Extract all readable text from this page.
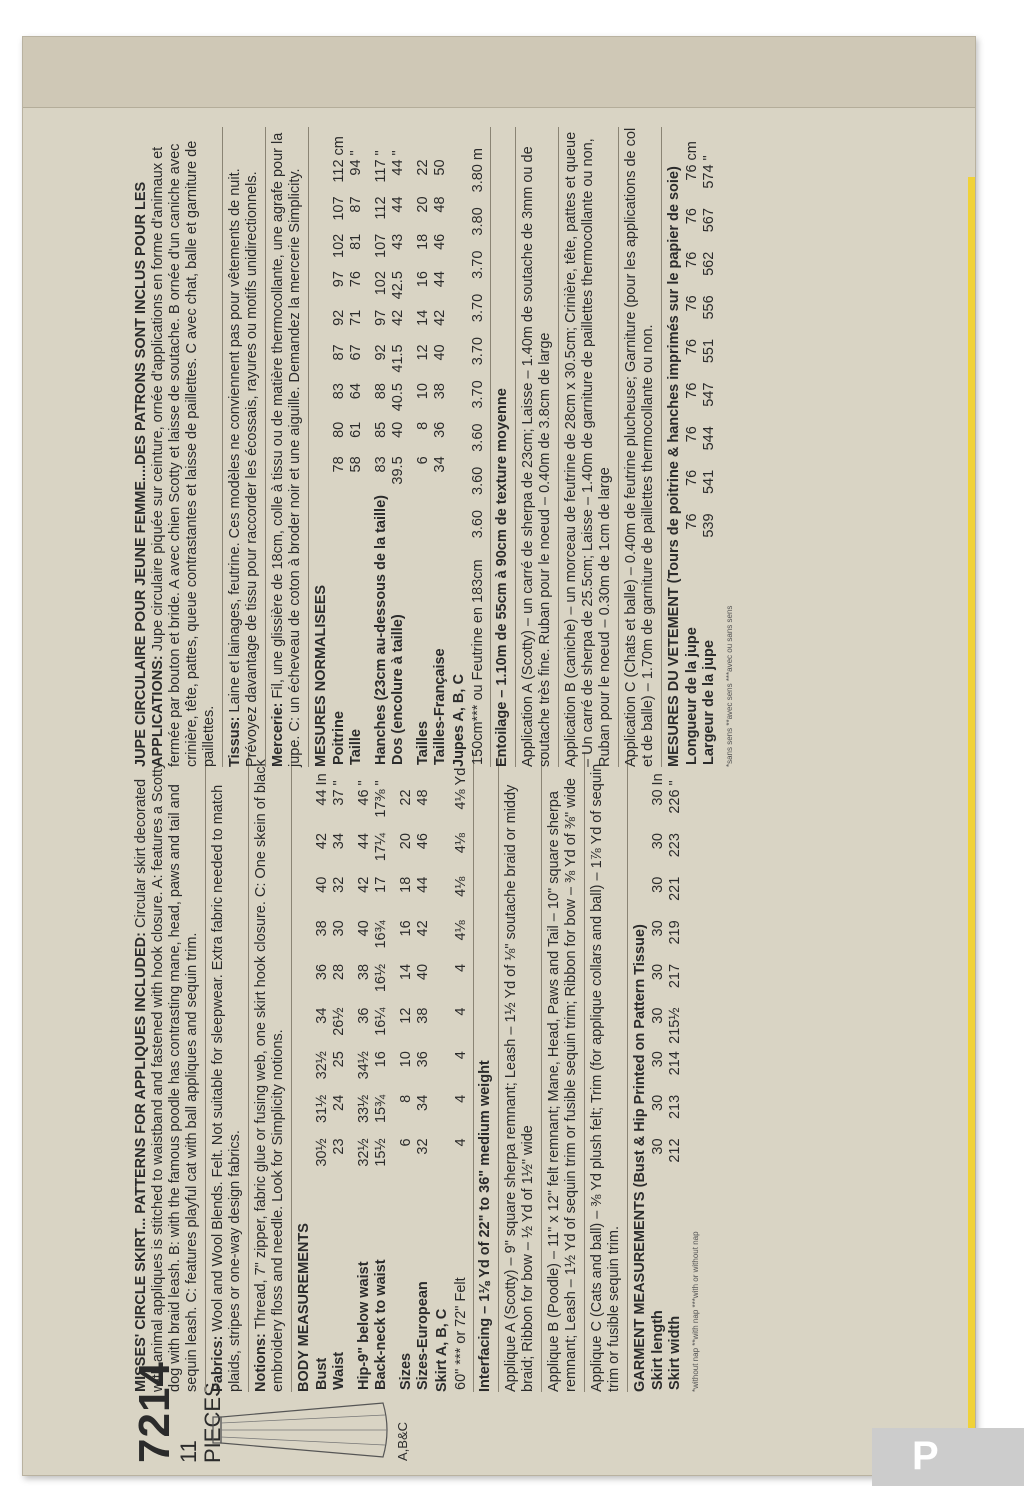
7214
11 PIECES	A,B&C
MISSES' CIRCLE SKIRT... PATTERNS FOR APPLIQUES INCLUDED: Circular skirt decorated with animal appliques is stitched to waistband and fastened with hook closure. A: features a Scotty dog with braid leash. B: with the famous poodle has contrasting mane, head, paws and tail and sequin leash. C: features playful cat with ball appliques and sequin trim. Fabrics: Wool and Wool Blends. Felt. Not suitable for sleepwear. Extra fabric needed to match plaids, stripes or one-way design fabrics. Notions: Thread, 7" zipper, fabric glue or fusing web, one skirt hook closure. C: One skein of black embroidery floss and needle. Look for Simplicity notions. BODY MEASUREMENTS Bust	30½	31½	32½	34	36	38	40	42	44	In
Waist	23	24	25	26½	28	30	32	34	37	"

Hip-9" below waist	32½	33½	34½	36	38	40	42	44	46	"
Back-neck to waist	15½	15¾	16	16¼	16½	16¾	17	17¼	17⅜	"

Sizes	6	8	10	12	14	16	18	20	22	
Sizes-European	32	34	36	38	40	42	44	46	48	
Skirt A, B, C 60" *** or 72" Felt	4	4	4	4	4	4⅛	4⅛	4⅛	4⅛	Yd
Interfacing – 1⅛ Yd of 22" to 36" medium weight Applique A (Scotty) – 9" square sherpa remnant; Leash – 1½ Yd of ⅛" soutache braid or middy braid; Ribbon for bow – ½ Yd of 1½" wide Applique B (Poodle) – 11" x 12" felt remnant; Mane, Head, Paws and Tail – 10" square sherpa remnant; Leash – 1½ Yd of sequin trim or fusible sequin trim; Ribbon for bow – ⅜ Yd of ⅜" wide Applique C (Cats and ball) – ⅜ Yd plush felt; Trim (for applique collars and ball) – 1⅞ Yd of sequin trim or fusible sequin trim. GARMENT MEASUREMENTS (Bust & Hip Printed on Pattern Tissue) Skirt length	30	30	30	30	30	30	30	30	30	In
Skirt width	212	213	214	215½	217	219	221	223	226	"
*without nap **with nap ***with or without nap
JUPE CIRCULAIRE POUR JEUNE FEMME....DES PATRONS SONT INCLUS POUR LES APPLICATIONS: Jupe circulaire piquée sur ceinture, ornée d'applications en forme d'animaux et fermée par bouton et bride. A avec chien Scotty et laisse de soutache. B ornée d'un caniche avec crinière, tête, pattes, queue contrastantes et laisse de paillettes. C avec chat, balle et garniture de paillettes. Tissus: Laine et lainages, feutrine. Ces modèles ne conviennent pas pour vêtements de nuit. Prévoyez davantage de tissu pour raccorder les écossais, rayures ou motifs unidirectionnels. Mercerie: Fil, une glissière de 18cm, colle à tissu ou de matière thermocollante, une agrafe pour la jupe. C: un écheveau de coton à broder noir et une aiguille. Demandez la mercerie Simplicity. MESURES NORMALISEES Poitrine	78	80	83	87	92	97	102	107	112	cm
Taille	58	61	64	67	71	76	81	87	94	"

Hanches (23cm au-dessous de la taille)	83	85	88	92	97	102	107	112	117	"
Dos (encolure à taille)	39.5	40	40.5	41.5	42	42.5	43	44	44	"

Tailles	6	8	10	12	14	16	18	20	22	
Tailles-Française	34	36	38	40	42	44	46	48	50	
Jupes A, B, C 150cm*** ou Feutrine en 183cm	3.60	3.60	3.60	3.70	3.70	3.70	3.70	3.80	3.80	m
Entoilage – 1.10m de 55cm à 90cm de texture moyenne Application A (Scotty) – un carré de sherpa de 23cm; Laisse – 1.40m de soutache de 3mm ou de soutache très fine. Ruban pour le noeud – 0.40m de 3.8cm de large Application B (caniche) – un morceau de feutrine de 28cm x 30.5cm; Crinière, tête, pattes et queue – Un carré de sherpa de 25.5cm; Laisse – 1.40m de garniture de paillettes thermocollante ou non, Ruban pour le noeud – 0.30m de 1cm de large Application C (Chats et balle) – 0.40m de feutrine plucheuse; Garniture (pour les applications de col et de balle) – 1.70m de garniture de paillettes thermocollante ou non. MESURES DU VETEMENT (Tours de poitrine & hanches imprimés sur le papier de soie) Longueur de la jupe	76	76	76	76	76	76	76	76	76	cm
Largeur de la jupe	539	541	544	547	551	556	562	567	574	"
*sans sens **avec sens ***avec ou sans sens
P
